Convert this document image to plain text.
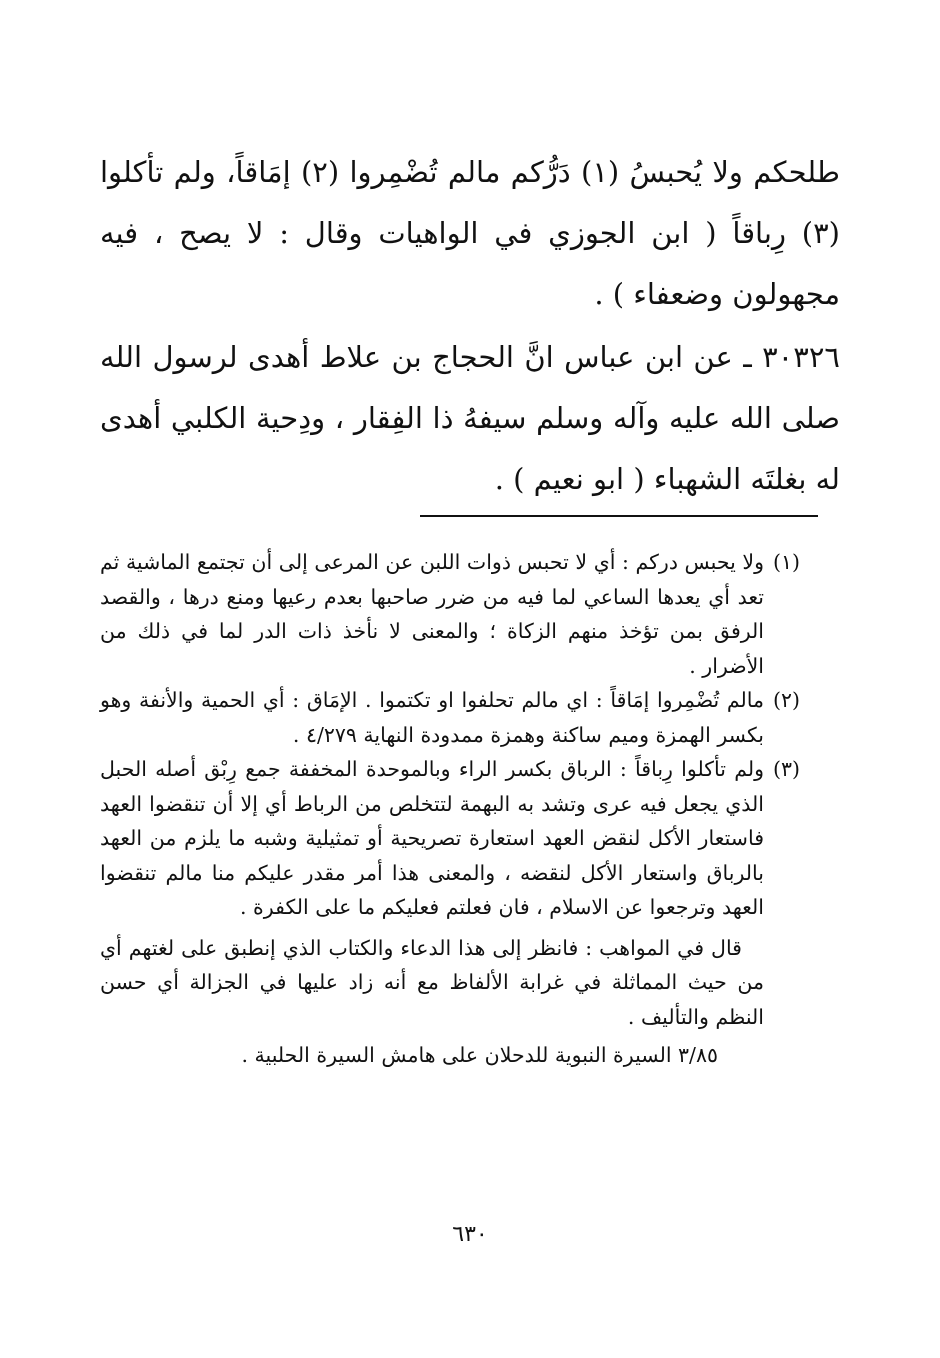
طلحكم ولا يُحبسُ (١) دَرُّكم مالم تُضْمِروا (٢) إمَاقاً، ولم تأكلوا (٣) رِباقاً ( ابن الجوزي في الواهيات وقال : لا يصح ، فيه مجهولون وضعفاء ) .

٣٠٣٢٦ ـ عن ابن عباس انَّ الحجاج بن علاط أهدى لرسول الله صلى الله عليه وآله وسلم سيفهُ ذا الفِقار ، ودِحية الكلبي أهدى له بغلتَه الشهباء ( ابو نعيم ) .

(١)
ولا يحبس دركم : أي لا تحبس ذوات اللبن عن المرعى إلى أن تجتمع الماشية ثم تعد أي يعدها الساعي لما فيه من ضرر صاحبها بعدم رعيها ومنع درها ، والقصد الرفق بمن تؤخذ منهم الزكاة ؛ والمعنى لا نأخذ ذات الدر لما في ذلك من الأضرار .
(٢)
مالم تُضْمِروا إمَاقاً : اي مالم تحلفوا او تكتموا . الإمَاق : أي الحمية والأنفة وهو بكسر الهمزة وميم ساكنة وهمزة ممدودة النهاية ٤/٢٧٩ .
(٣)
ولم تأكلوا رِباقاً : الرباق بكسر الراء وبالموحدة المخففة جمع رِبْق أصله الحبل الذي يجعل فيه عرى وتشد به البهمة لتتخلص من الرباط أي إلا أن تنقضوا العهد فاستعار الأكل لنقض العهد استعارة تصريحية أو تمثيلية وشبه ما يلزم من العهد بالرباق واستعار الأكل لنقضه ، والمعنى هذا أمر مقدر عليكم منا مالم تنقضوا العهد وترجعوا عن الاسلام ، فان فعلتم فعليكم ما على الكفرة .

قال في المواهب : فانظر إلى هذا الدعاء والكتاب الذي إنطبق على لغتهم أي من حيث المماثلة في غرابة الألفاظ مع أنه زاد عليها في الجزالة أي حسن النظم والتأليف .

٣/٨٥ السيرة النبوية للدحلان على هامش السيرة الحلبية .

٦٣٠
